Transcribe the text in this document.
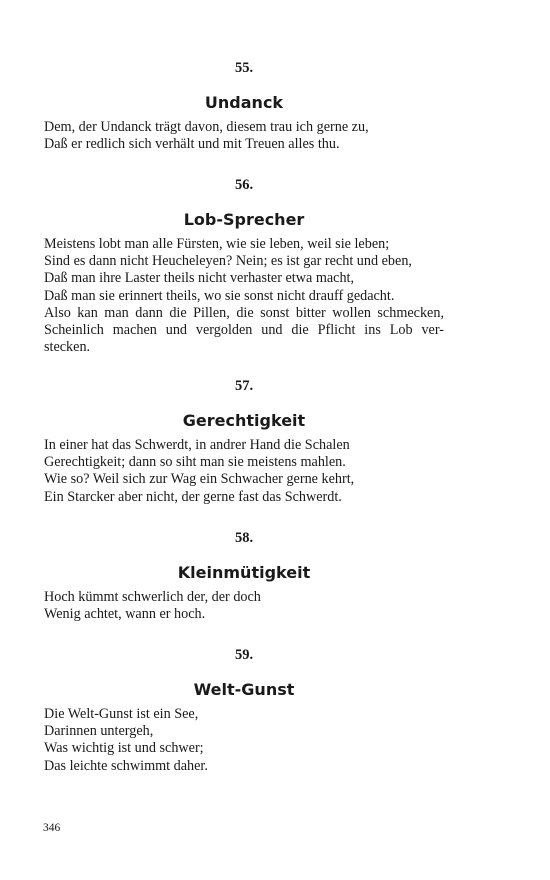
55.
Undanck
Dem, der Undanck trägt davon, diesem trau ich gerne zu,
Daß er redlich sich verhält und mit Treuen alles thu.
56.
Lob-Sprecher
Meistens lobt man alle Fürsten, wie sie leben, weil sie leben;
Sind es dann nicht Heucheleyen? Nein; es ist gar recht und eben,
Daß man ihre Laster theils nicht verhaster etwa macht,
Daß man sie erinnert theils, wo sie sonst nicht drauff gedacht.
Also kan man dann die Pillen, die sonst bitter wollen schmecken,
Scheinlich machen und vergolden und die Pflicht ins Lob ver-
stecken.
57.
Gerechtigkeit
In einer hat das Schwerdt, in andrer Hand die Schalen
Gerechtigkeit; dann so siht man sie meistens mahlen.
Wie so? Weil sich zur Wag ein Schwacher gerne kehrt,
Ein Starcker aber nicht, der gerne fast das Schwerdt.
58.
Kleinmütigkeit
Hoch kümmt schwerlich der, der doch
Wenig achtet, wann er hoch.
59.
Welt-Gunst
Die Welt-Gunst ist ein See,
Darinnen untergeh,
Was wichtig ist und schwer;
Das leichte schwimmt daher.
346
